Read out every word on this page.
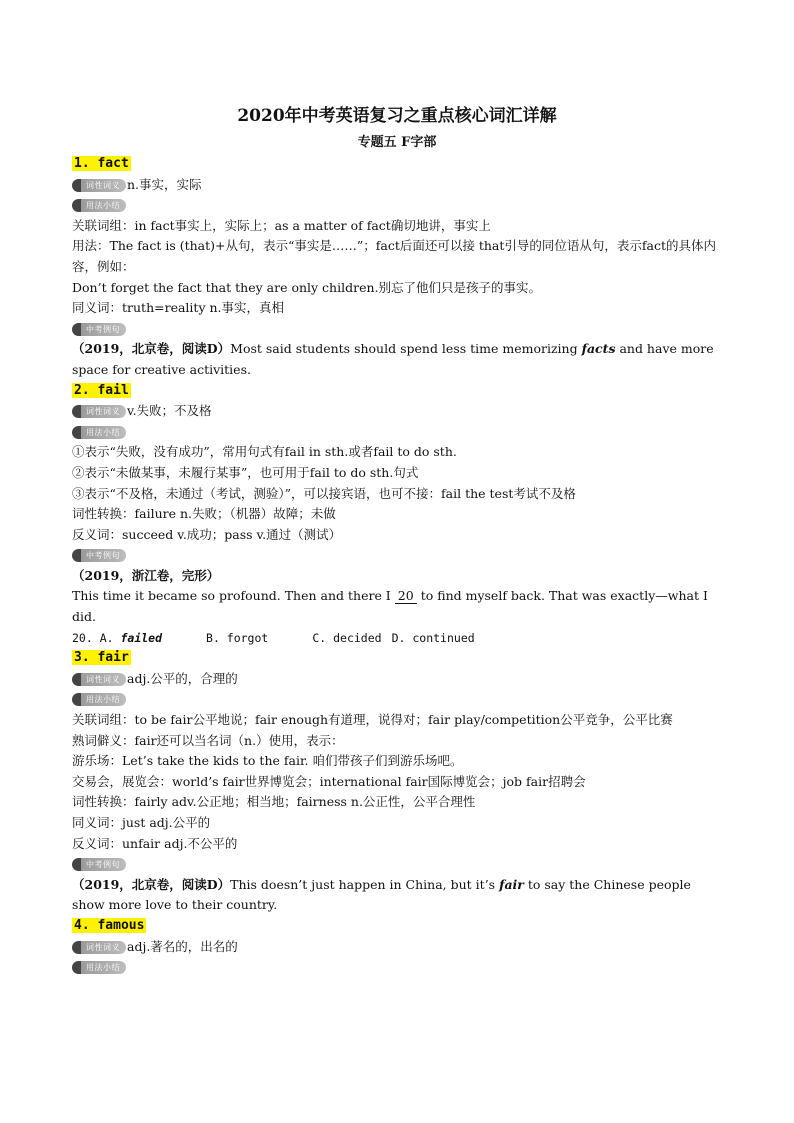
2020年中考英语复习之重点核心词汇详解
专题五 F字部
1. fact
词性词义 n.事实，实际
用法小结
关联词组：in fact事实上，实际上；as a matter of fact确切地讲，事实上
用法：The fact is (that)+从句，表示“事实是……”；fact后面还可以接 that引导的同位语从句，表示fact的具体内容，例如：
Don’t forget the fact that they are only children.别忘了他们只是孩子的事实。
同义词：truth=reality n.事实，真相
中考例句
（2019，北京卷，阅读D）Most said students should spend less time memorizing facts and have more space for creative activities.
2. fail
词性词义 v.失败；不及格
用法小结
①表示“失败，没有成功”，常用句式有fail in sth.或者fail to do sth.
②表示“未做某事，未履行某事”，也可用于fail to do sth.句式
③表示“不及格，未通过（考试，测验）”，可以接宾语，也可不接：fail the test考试不及格
词性转换：failure n.失败；（机器）故障；未做
反义词：succeed v.成功；pass v.通过（测试）
中考例句
（2019，浙江卷，完形）
This time it became so profound. Then and there I 20 to find myself back. That was exactly—what I did.
20. A. failed	B. forgot	C. decided D. continued
3. fair
词性词义 adj.公平的，合理的
用法小结
关联词组：to be fair公平地说；fair enough有道理，说得对；fair play/competition公平竞争，公平比赛
熟词僻义：fair还可以当名词（n.）使用，表示：
游乐场：Let’s take the kids to the fair. 咱们带孩子们到游乐场吧。
交易会，展览会：world’s fair世界博览会；international fair国际博览会；job fair招聘会
词性转换：fairly adv.公正地；相当地；fairness n.公正性，公平合理性
同义词：just adj.公平的
反义词：unfair adj.不公平的
中考例句
（2019，北京卷，阅读D）This doesn’t just happen in China, but it’s fair to say the Chinese people show more love to their country.
4. famous
词性词义 adj.著名的，出名的
用法小结
